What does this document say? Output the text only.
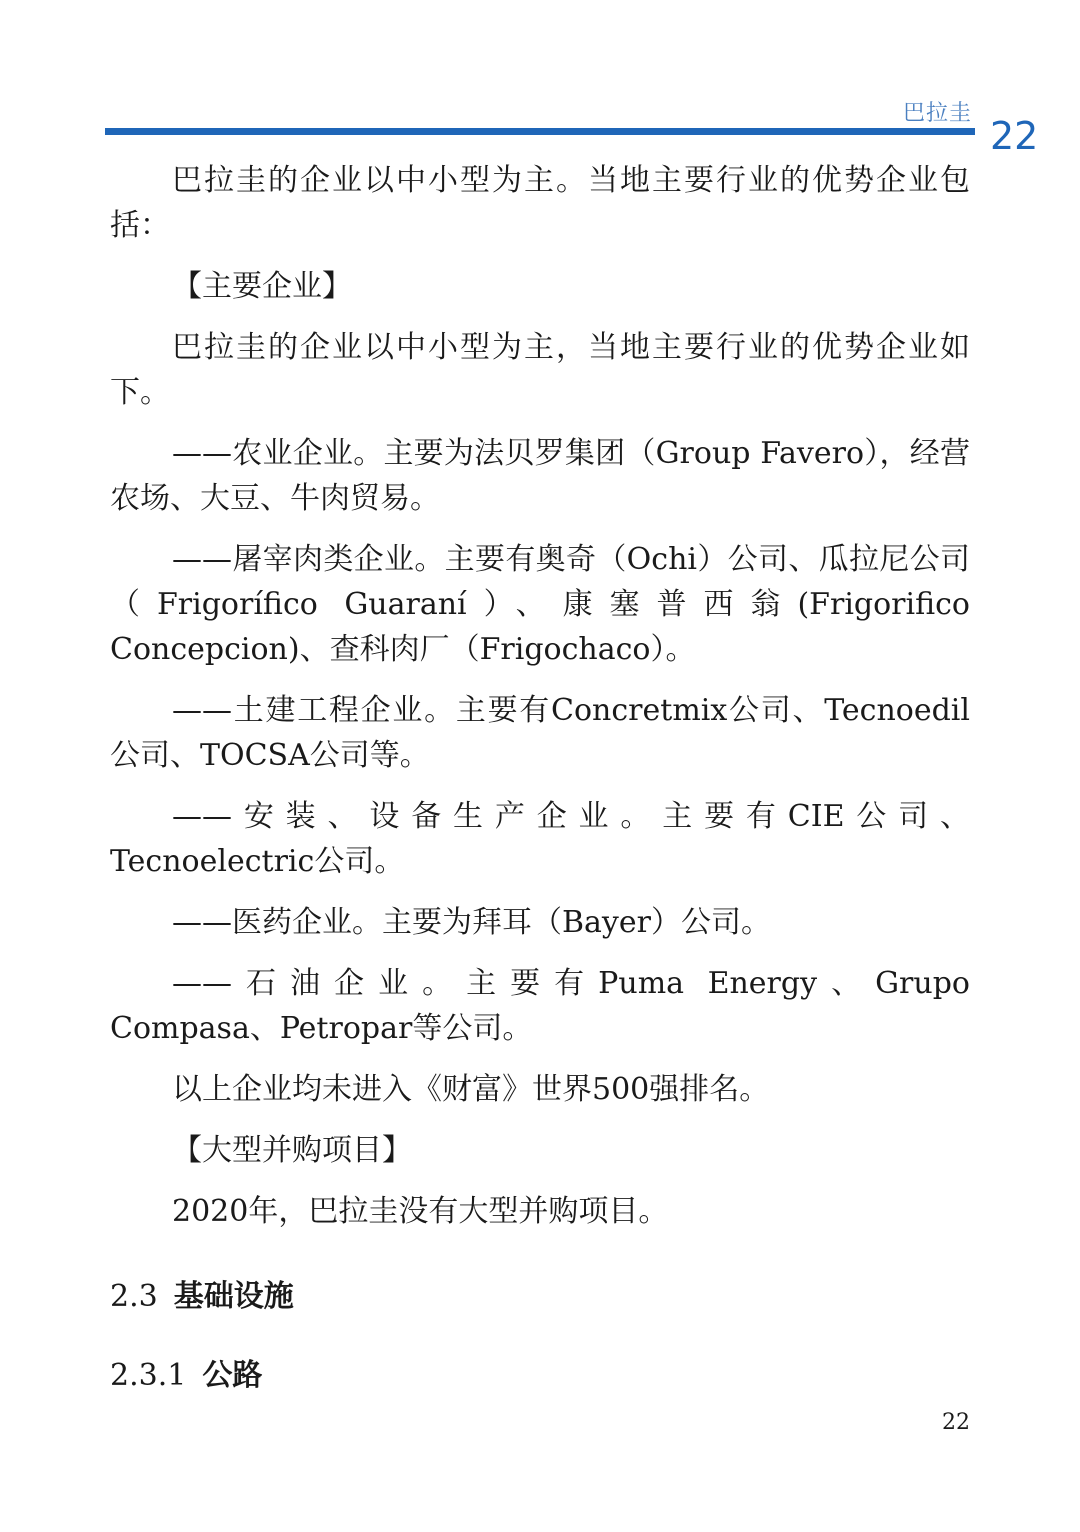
巴拉圭
22

巴拉圭的企业以中小型为主。当地主要行业的优势企业包括：

【主要企业】

巴拉圭的企业以中小型为主，当地主要行业的优势企业如下。

——农业企业。主要为法贝罗集团（Group Favero），经营农场、大豆、牛肉贸易。

——屠宰肉类企业。主要有奥奇（Ochi）公司、瓜拉尼公司（Frigorífico Guaraní）、康塞普西翁(Frigorifico Concepcion)、查科肉厂（Frigochaco）。

——土建工程企业。主要有Concretmix公司、Tecnoedil公司、TOCSA公司等。

——安装、设备生产企业。主要有CIE公司、Tecnoelectric公司。

——医药企业。主要为拜耳（Bayer）公司。

——石油企业。主要有Puma Energy、Grupo Compasa、Petropar等公司。

以上企业均未进入《财富》世界500强排名。

【大型并购项目】

2020年，巴拉圭没有大型并购项目。

2.3 基础设施
2.3.1 公路
22
